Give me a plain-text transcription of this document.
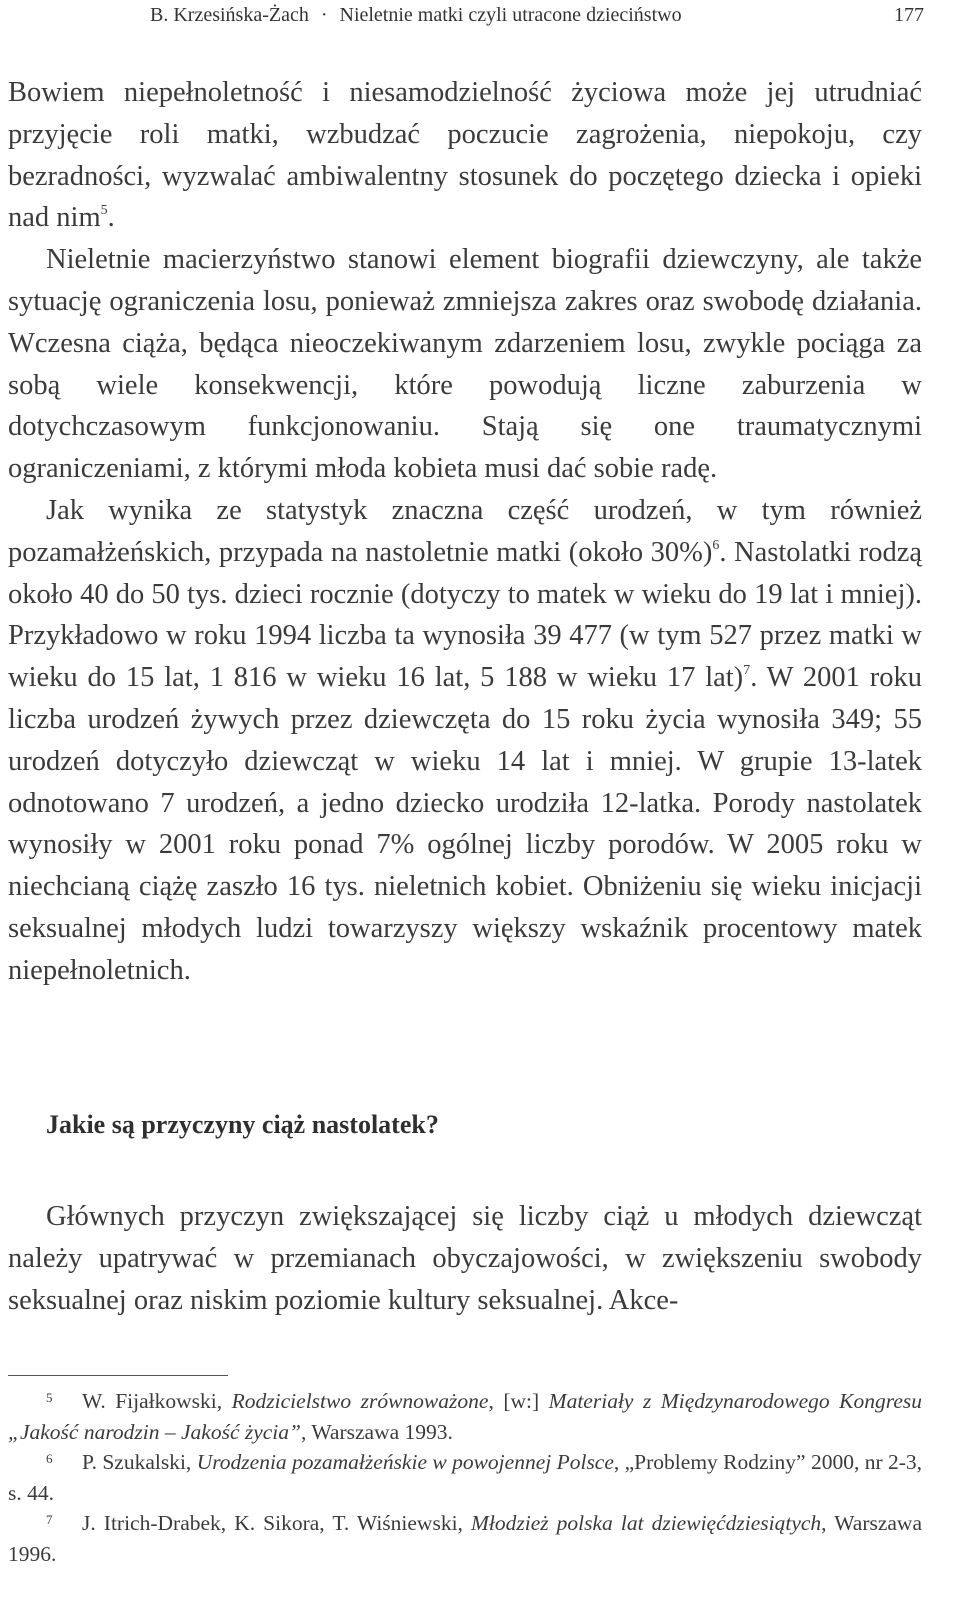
B. Krzesińska-Żach · Nieletnie matki czyli utracone dzieciństwo	177

Bowiem niepełnoletność i niesamodzielność życiowa może jej utrudniać przyjęcie roli matki, wzbudzać poczucie zagrożenia, niepokoju, czy bezradności, wyzwalać ambiwalentny stosunek do poczętego dziecka i opieki nad nim$^5$.

Nieletnie macierzyństwo stanowi element biografii dziewczyny, ale także sytuację ograniczenia losu, ponieważ zmniejsza zakres oraz swobodę działania. Wczesna ciąża, będąca nieoczekiwanym zdarzeniem losu, zwykle pociąga za sobą wiele konsekwencji, które powodują liczne zaburzenia w dotychczasowym funkcjonowaniu. Stają się one traumatycznymi ograniczeniami, z którymi młoda kobieta musi dać sobie radę.

Jak wynika ze statystyk znaczna część urodzeń, w tym również pozamałżeńskich, przypada na nastoletnie matki (około 30%)$^6$. Nastolatki rodzą około 40 do 50 tys. dzieci rocznie (dotyczy to matek w wieku do 19 lat i mniej). Przykładowo w roku 1994 liczba ta wynosiła 39 477 (w tym 527 przez matki w wieku do 15 lat, 1 816 w wieku 16 lat, 5 188 w wieku 17 lat)$^7$. W 2001 roku liczba urodzeń żywych przez dziewczęta do 15 roku życia wynosiła 349; 55 urodzeń dotyczyło dziewcząt w wieku 14 lat i mniej. W grupie 13-latek odnotowano 7 urodzeń, a jedno dziecko urodziła 12-latka. Porody nastolatek wynosiły w 2001 roku ponad 7% ogólnej liczby porodów. W 2005 roku w niechcianą ciążę zaszło 16 tys. nieletnich kobiet. Obniżeniu się wieku inicjacji seksualnej młodych ludzi towarzyszy większy wskaźnik procentowy matek niepełnoletnich.

Jakie są przyczyny ciąż nastolatek?

Głównych przyczyn zwiększającej się liczby ciąż u młodych dziewcząt należy upatrywać w przemianach obyczajowości, w zwiększeniu swobody seksualnej oraz niskim poziomie kultury seksualnej. Akce-

5 W. Fijałkowski, Rodzicielstwo zrównoważone, [w:] Materiały z Międzynarodowego Kongresu „Jakość narodzin – Jakość życia”, Warszawa 1993.

6 P. Szukalski, Urodzenia pozamałżeńskie w powojennej Polsce, „Problemy Rodziny” 2000, nr 2-3, s. 44.

7 J. Itrich-Drabek, K. Sikora, T. Wiśniewski, Młodzież polska lat dziewięćdziesiątych, Warszawa 1996.
